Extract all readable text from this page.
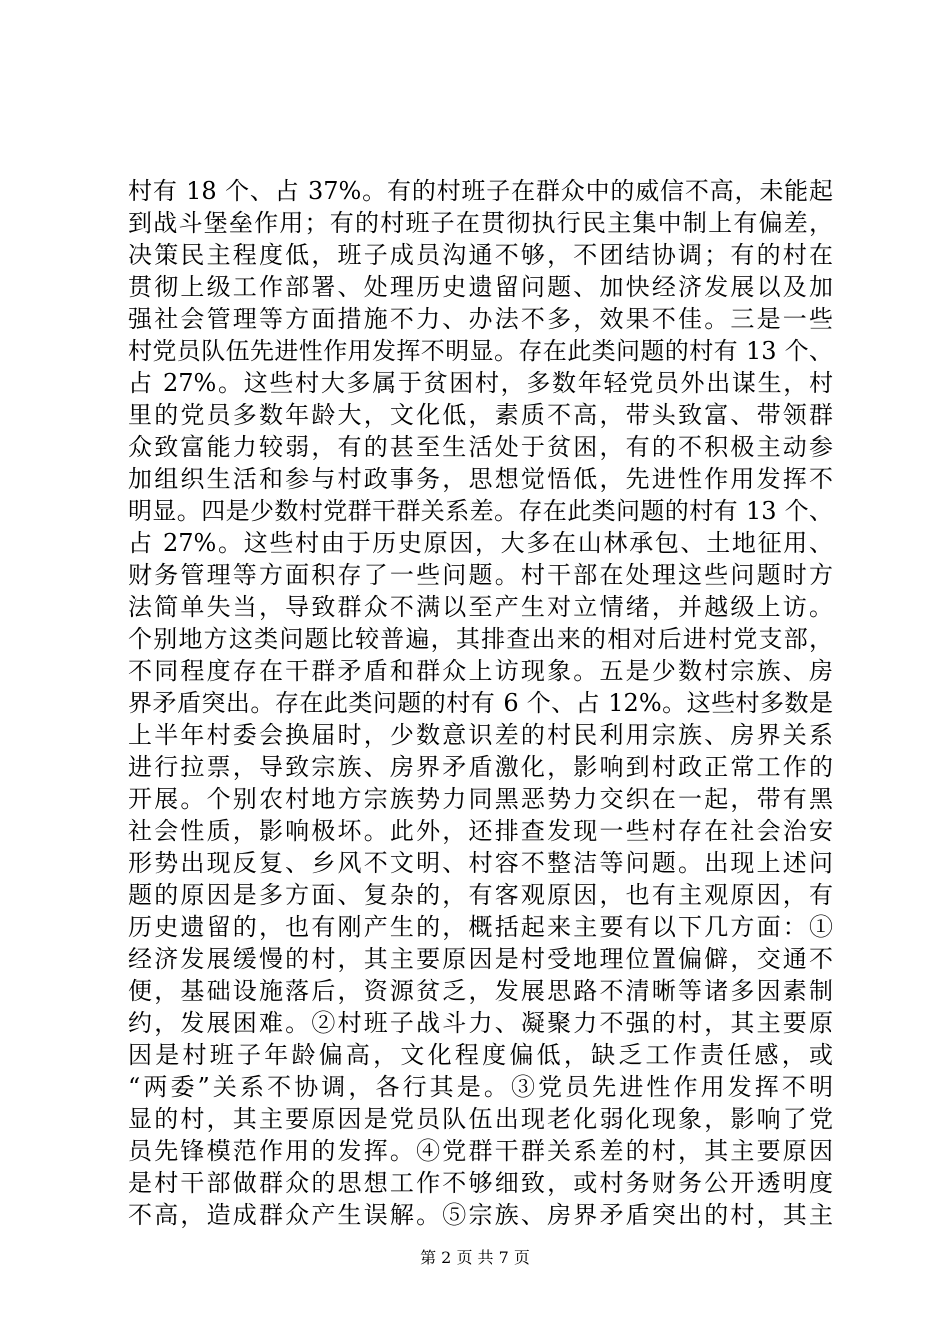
村有 18 个、占 37%。有的村班子在群众中的威信不高，未能起
到战斗堡垒作用；有的村班子在贯彻执行民主集中制上有偏差，
决策民主程度低，班子成员沟通不够，不团结协调；有的村在
贯彻上级工作部署、处理历史遗留问题、加快经济发展以及加
强社会管理等方面措施不力、办法不多，效果不佳。三是一些
村党员队伍先进性作用发挥不明显。存在此类问题的村有 13 个、
占 27%。这些村大多属于贫困村，多数年轻党员外出谋生，村
里的党员多数年龄大，文化低，素质不高，带头致富、带领群
众致富能力较弱，有的甚至生活处于贫困，有的不积极主动参
加组织生活和参与村政事务，思想觉悟低，先进性作用发挥不
明显。四是少数村党群干群关系差。存在此类问题的村有 13 个、
占 27%。这些村由于历史原因，大多在山林承包、土地征用、
财务管理等方面积存了一些问题。村干部在处理这些问题时方
法简单失当，导致群众不满以至产生对立情绪，并越级上访。
个别地方这类问题比较普遍，其排查出来的相对后进村党支部，
不同程度存在干群矛盾和群众上访现象。五是少数村宗族、房
界矛盾突出。存在此类问题的村有 6 个、占 12%。这些村多数是
上半年村委会换届时，少数意识差的村民利用宗族、房界关系
进行拉票，导致宗族、房界矛盾激化，影响到村政正常工作的
开展。个别农村地方宗族势力同黑恶势力交织在一起，带有黑
社会性质，影响极坏。此外，还排查发现一些村存在社会治安
形势出现反复、乡风不文明、村容不整洁等问题。出现上述问
题的原因是多方面、复杂的，有客观原因，也有主观原因，有
历史遗留的，也有刚产生的，概括起来主要有以下几方面：①
经济发展缓慢的村，其主要原因是村受地理位置偏僻，交通不
便，基础设施落后，资源贫乏，发展思路不清晰等诸多因素制
约，发展困难。②村班子战斗力、凝聚力不强的村，其主要原
因是村班子年龄偏高，文化程度偏低，缺乏工作责任感，或
“两委”关系不协调，各行其是。③党员先进性作用发挥不明
显的村，其主要原因是党员队伍出现老化弱化现象，影响了党
员先锋模范作用的发挥。④党群干群关系差的村，其主要原因
是村干部做群众的思想工作不够细致，或村务财务公开透明度
不高，造成群众产生误解。⑤宗族、房界矛盾突出的村，其主
第 2 页 共 7 页
